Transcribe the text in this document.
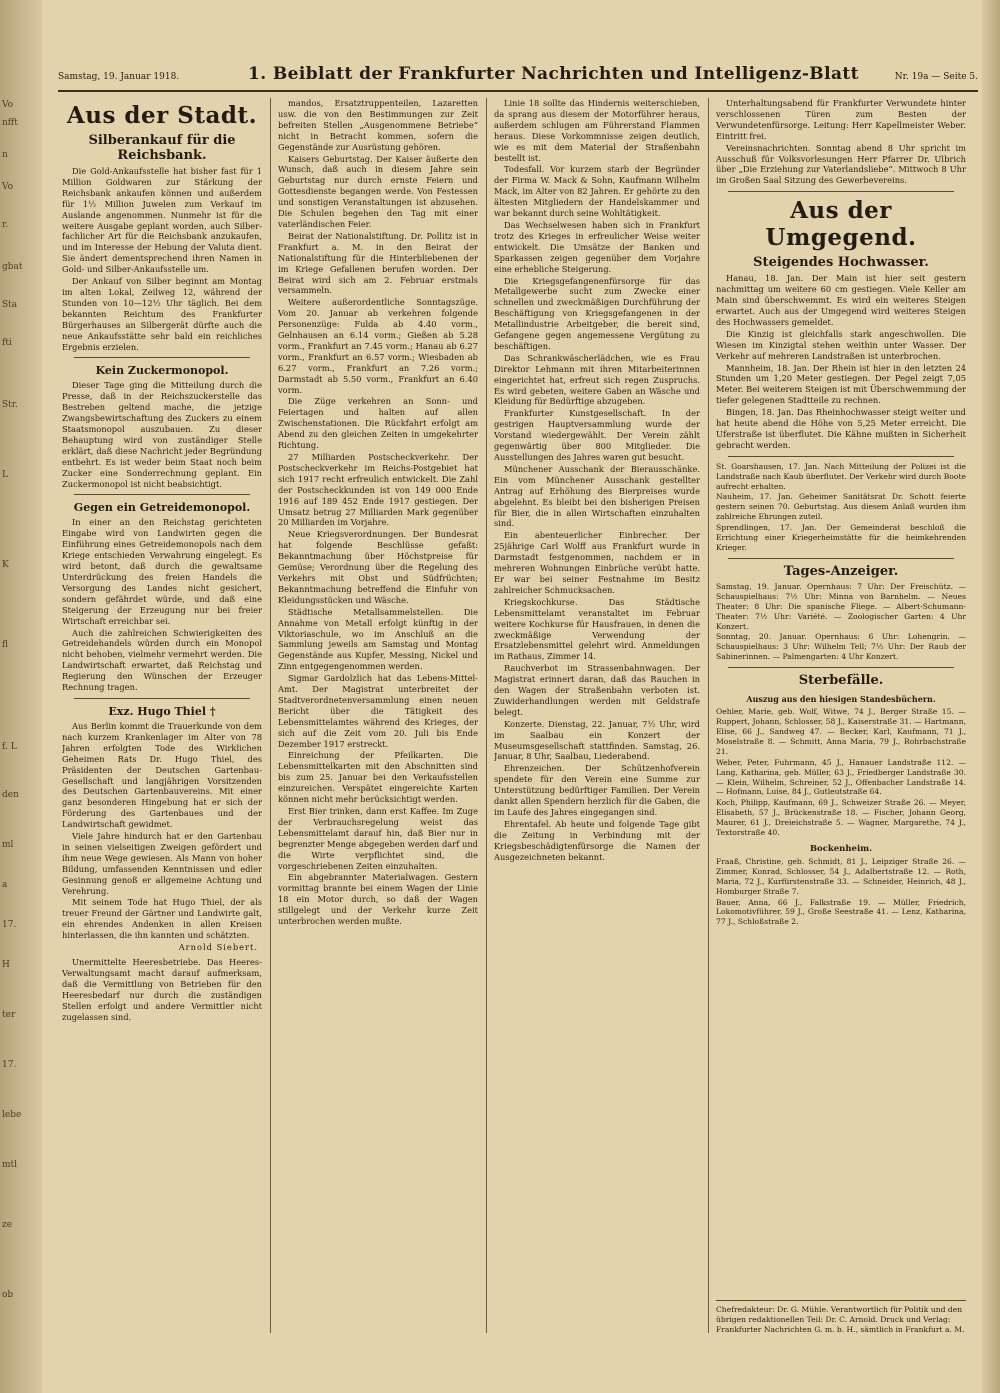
Vo
nfft
n
Vo
r.
gbat
Sta
fti
Str.
L
K
fl
f. L
den
ml
a
17.
H
ter
17.
lebe
mtl
ze
ob
Samstag, 19. Januar 1918.	1. Beiblatt der Frankfurter Nachrichten und Intelligenz-Blatt	Nr. 19a — Seite 5.
Aus der Stadt.
Silberankauf für die Reichsbank.

Die Gold-Ankaufsstelle hat bisher fast für 1 Million Goldwaren zur Stärkung der Reichsbank ankaufen können und außerdem für 1½ Million Juwelen zum Verkauf im Auslande angenommen. Nunmehr ist für die weitere Ausgabe geplant worden, auch Silber- fachlicher Art für die Reichsbank anzukaufen, und im Interesse der Hebung der Valuta dient. Sie ändert dementsprechend ihren Namen in Gold- und Silber-Ankaufsstelle um.

Der Ankauf von Silber beginnt am Montag im alten Lokal, Zeilweg 12, während der Stunden von 10—12½ Uhr täglich. Bei dem bekannten Reichtum des Frankfurter Bürgerhauses an Silbergerät dürfte auch die neue Ankaufsstätte sehr bald ein reichliches Ergebnis erzielen.

Kein Zuckermonopol.

Dieser Tage ging die Mitteilung durch die Presse, daß in der Reichszuckerstelle das Bestreben geltend mache, die jetzige Zwangsbewirtschaftung des Zuckers zu einem Staatsmonopol auszubauen. Zu dieser Behauptung wird von zuständiger Stelle erklärt, daß diese Nachricht jeder Begründung entbehrt. Es ist weder beim Staat noch beim Zucker eine Sonderrechnung geplant. Ein Zuckermonopol ist nicht beabsichtigt.

Gegen ein Getreidemonopol.

In einer an den Reichstag gerichteten Eingabe wird von Landwirten gegen die Einführung eines Getreidemonopols nach dem Kriege entschieden Verwahrung eingelegt. Es wird betont, daß durch die gewaltsame Unterdrückung des freien Handels die Versorgung des Landes nicht gesichert, sondern gefährdet würde, und daß eine Steigerung der Erzeugung nur bei freier Wirtschaft erreichbar sei.

Auch die zahlreichen Schwierigkeiten des Getreidehandels würden durch ein Monopol nicht behoben, vielmehr vermehrt werden. Die Landwirtschaft erwartet, daß Reichstag und Regierung den Wünschen der Erzeuger Rechnung tragen.

Exz. Hugo Thiel †

Aus Berlin kommt die Trauerkunde von dem nach kurzem Krankenlager im Alter von 78 Jahren erfolgten Tode des Wirklichen Geheimen Rats Dr. Hugo Thiel, des Präsidenten der Deutschen Gartenbau-Gesellschaft und langjährigen Vorsitzenden des Deutschen Gartenbauvereins. Mit einer ganz besonderen Hingebung hat er sich der Förderung des Gartenbaues und der Landwirtschaft gewidmet.

Viele Jahre hindurch hat er den Gartenbau in seinen vielseitigen Zweigen gefördert und ihm neue Wege gewiesen. Als Mann von hoher Bildung, umfassenden Kenntnissen und edler Gesinnung genoß er allgemeine Achtung und Verehrung.

Mit seinem Tode hat Hugo Thiel, der als treuer Freund der Gärtner und Landwirte galt, ein ehrendes Andenken in allen Kreisen hinterlassen, die ihn kannten und schätzten.

Arnold Siebert.

Unermittelte Heeresbetriebe. Das Heeres-Verwaltungsamt macht darauf aufmerksam, daß die Vermittlung von Betrieben für den Heeresbedarf nur durch die zuständigen Stellen erfolgt und andere Vermittler nicht zugelassen sind.

mandos, Ersatztruppenteilen, Lazaretten usw. die von den Bestimmungen zur Zeit befreiten Stellen „Ausgenommene Betriebe“ nicht in Betracht kommen, sofern die Gegenstände zur Ausrüstung gehören.

Kaisers Geburtstag. Der Kaiser äußerte den Wunsch, daß auch in diesem Jahre sein Geburtstag nur durch ernste Feiern und Gottesdienste begangen werde. Von Festessen und sonstigen Veranstaltungen ist abzusehen. Die Schulen begehen den Tag mit einer vaterländischen Feier.

Beirat der Nationalstiftung. Dr. Pollitz ist in Frankfurt a. M. in den Beirat der Nationalstiftung für die Hinterbliebenen der im Kriege Gefallenen berufen worden. Der Beirat wird sich am 2. Februar erstmals versammeln.

Weitere außerordentliche Sonntagszüge. Vom 20. Januar ab verkehren folgende Personenzüge: Fulda ab 4.40 vorm., Gelnhausen an 6.14 vorm.; Gießen ab 5.28 vorm., Frankfurt an 7.45 vorm.; Hanau ab 6.27 vorm., Frankfurt an 6.57 vorm.; Wiesbaden ab 6.27 vorm., Frankfurt an 7.26 vorm.; Darmstadt ab 5.50 vorm., Frankfurt an 6.40 vorm.

Die Züge verkehren an Sonn- und Feiertagen und halten auf allen Zwischenstationen. Die Rückfahrt erfolgt am Abend zu den gleichen Zeiten in umgekehrter Richtung.

27 Milliarden Postscheckverkehr. Der Postscheckverkehr im Reichs-Postgebiet hat sich 1917 recht erfreulich entwickelt. Die Zahl der Postscheckkunden ist von 149 000 Ende 1916 auf 189 452 Ende 1917 gestiegen. Der Umsatz betrug 27 Milliarden Mark gegenüber 20 Milliarden im Vorjahre.

Neue Kriegsverordnungen. Der Bundesrat hat folgende Beschlüsse gefaßt: Bekanntmachung über Höchstpreise für Gemüse; Verordnung über die Regelung des Verkehrs mit Obst und Südfrüchten; Bekanntmachung betreffend die Einfuhr von Kleidungsstücken und Wäsche.

Städtische Metallsammelstellen. Die Annahme von Metall erfolgt künftig in der Viktoriaschule, wo im Anschluß an die Sammlung jeweils am Samstag und Montag Gegenstände aus Kupfer, Messing, Nickel und Zinn entgegengenommen werden.

Sigmar Gardolzlich hat das Lebens-Mittel-Amt. Der Magistrat unterbreitet der Stadtverordnetenversammlung einen neuen Bericht über die Tätigkeit des Lebensmittelamtes während des Krieges, der sich auf die Zeit vom 20. Juli bis Ende Dezember 1917 erstreckt.

Einreichung der Pfeilkarten. Die Lebensmittelkarten mit den Abschnitten sind bis zum 25. Januar bei den Verkaufsstellen einzureichen. Verspätet eingereichte Karten können nicht mehr berücksichtigt werden.

Erst Bier trinken, dann erst Kaffee. Im Zuge der Verbrauchsregelung weist das Lebensmittelamt darauf hin, daß Bier nur in begrenzter Menge abgegeben werden darf und die Wirte verpflichtet sind, die vorgeschriebenen Zeiten einzuhalten.

Ein abgebrannter Materialwagen. Gestern vormittag brannte bei einem Wagen der Linie 18 ein Motor durch, so daß der Wagen stillgelegt und der Verkehr kurze Zeit unterbrochen werden mußte.

Linie 18 sollte das Hindernis weiterschieben, da sprang aus diesem der Motorführer heraus, außerdem schlugen am Führerstand Flammen heraus. Diese Vorkommnisse zeigen deutlich, wie es mit dem Material der Straßenbahn bestellt ist.

Todesfall. Vor kurzem starb der Begründer der Firma W. Mack & Sohn, Kaufmann Wilhelm Mack, im Alter von 82 Jahren. Er gehörte zu den ältesten Mitgliedern der Handelskammer und war bekannt durch seine Wohltätigkeit.

Das Wechselwesen haben sich in Frankfurt trotz des Krieges in erfreulicher Weise weiter entwickelt. Die Umsätze der Banken und Sparkassen zeigen gegenüber dem Vorjahre eine erhebliche Steigerung.

Die Kriegsgefangenenfürsorge für das Metallgewerbe sucht zum Zwecke einer schnellen und zweckmäßigen Durchführung der Beschäftigung von Kriegsgefangenen in der Metallindustrie Arbeitgeber, die bereit sind, Gefangene gegen angemessene Vergütung zu beschäftigen.

Das Schrankwäscherlädchen, wie es Frau Direktor Lehmann mit ihren Mitarbeiterinnen eingerichtet hat, erfreut sich regen Zuspruchs. Es wird gebeten, weitere Gaben an Wäsche und Kleidung für Bedürftige abzugeben.

Frankfurter Kunstgesellschaft. In der gestrigen Hauptversammlung wurde der Vorstand wiedergewählt. Der Verein zählt gegenwärtig über 800 Mitglieder. Die Ausstellungen des Jahres waren gut besucht.

Münchener Ausschank der Bierausschänke. Ein vom Münchener Ausschank gestellter Antrag auf Erhöhung des Bierpreises wurde abgelehnt. Es bleibt bei den bisherigen Preisen für Bier, die in allen Wirtschaften einzuhalten sind.

Ein abenteuerlicher Einbrecher. Der 25jährige Carl Wolff aus Frankfurt wurde in Darmstadt festgenommen, nachdem er in mehreren Wohnungen Einbrüche verübt hatte. Er war bei seiner Festnahme im Besitz zahlreicher Schmucksachen.

Kriegskochkurse. Das Städtische Lebensmittelamt veranstaltet im Februar weitere Kochkurse für Hausfrauen, in denen die zweckmäßige Verwendung der Ersatzlebensmittel gelehrt wird. Anmeldungen im Rathaus, Zimmer 14.

Rauchverbot im Strassenbahnwagen. Der Magistrat erinnert daran, daß das Rauchen in den Wagen der Straßenbahn verboten ist. Zuwiderhandlungen werden mit Geldstrafe belegt.

Konzerte. Dienstag, 22. Januar, 7½ Uhr, wird im Saalbau ein Konzert der Museumsgesellschaft stattfinden. Samstag, 26. Januar, 8 Uhr, Saalbau, Liederabend.

Ehrenzeichen. Der Schützenhofverein spendete für den Verein eine Summe zur Unterstützung bedürftiger Familien. Der Verein dankt allen Spendern herzlich für die Gaben, die im Laufe des Jahres eingegangen sind.

Ehrentafel. Ab heute und folgende Tage gibt die Zeitung in Verbindung mit der Kriegsbeschädigtenfürsorge die Namen der Ausgezeichneten bekannt.

Unterhaltungsabend für Frankfurter Verwundete hinter verschlossenen Türen zum Besten der Verwundetenfürsorge. Leitung: Herr Kapellmeister Weber. Eintritt frei.

Vereinsnachrichten. Sonntag abend 8 Uhr spricht im Ausschuß für Volksvorlesungen Herr Pfarrer Dr. Ulbrich über „Die Erziehung zur Vaterlandsliebe“. Mittwoch 8 Uhr im Großen Saal Sitzung des Gewerbevereins.

Aus der Umgegend.
Steigendes Hochwasser.

Hanau, 18. Jan. Der Main ist hier seit gestern nachmittag um weitere 60 cm gestiegen. Viele Keller am Main sind überschwemmt. Es wird ein weiteres Steigen erwartet. Auch aus der Umgegend wird weiteres Steigen des Hochwassers gemeldet.

Die Kinzig ist gleichfalls stark angeschwollen. Die Wiesen im Kinzigtal stehen weithin unter Wasser. Der Verkehr auf mehreren Landstraßen ist unterbrochen.

Mannheim, 18. Jan. Der Rhein ist hier in den letzten 24 Stunden um 1,20 Meter gestiegen. Der Pegel zeigt 7,05 Meter. Bei weiterem Steigen ist mit Überschwemmung der tiefer gelegenen Stadtteile zu rechnen.

Bingen, 18. Jan. Das Rheinhochwasser steigt weiter und hat heute abend die Höhe von 5,25 Meter erreicht. Die Uferstraße ist überflutet. Die Kähne mußten in Sicherheit gebracht werden.

St. Goarshausen, 17. Jan. Nach Mitteilung der Polizei ist die Landstraße nach Kaub überflutet. Der Verkehr wird durch Boote aufrecht erhalten.

Nauheim, 17. Jan. Geheimer Sanitätsrat Dr. Schott feierte gestern seinen 70. Geburtstag. Aus diesem Anlaß wurden ihm zahlreiche Ehrungen zuteil.

Sprendlingen, 17. Jan. Der Gemeinderat beschloß die Errichtung einer Kriegerheimstätte für die heimkehrenden Krieger.

Tages-Anzeiger.

Samstag, 19. Januar. Opernhaus: 7 Uhr: Der Freischütz. — Schauspielhaus: 7½ Uhr: Minna von Barnhelm. — Neues Theater: 8 Uhr: Die spanische Fliege. — Albert-Schumann-Theater: 7½ Uhr: Variété. — Zoologischer Garten: 4 Uhr Konzert.

Sonntag, 20. Januar. Opernhaus: 6 Uhr: Lohengrin. — Schauspielhaus: 3 Uhr: Wilhelm Tell; 7½ Uhr: Der Raub der Sabinerinnen. — Palmengarten: 4 Uhr Konzert.

Sterbefälle.
Auszug aus den hiesigen Standesbüchern.

Oehler, Marie, geb. Wolf, Witwe, 74 J., Berger Straße 15. — Ruppert, Johann, Schlosser, 58 J., Kaiserstraße 31. — Hartmann, Elise, 66 J., Sandweg 47. — Becker, Karl, Kaufmann, 71 J., Moselstraße 8. — Schmitt, Anna Maria, 79 J., Rohrbachstraße 21.

Weber, Peter, Fuhrmann, 45 J., Hanauer Landstraße 112. — Lang, Katharina, geb. Müller, 63 J., Friedberger Landstraße 30. — Klein, Wilhelm, Schreiner, 52 J., Offenbacher Landstraße 14. — Hofmann, Luise, 84 J., Gutleutstraße 64.

Koch, Philipp, Kaufmann, 69 J., Schweizer Straße 26. — Meyer, Elisabeth, 57 J., Brückenstraße 18. — Fischer, Johann Georg, Maurer, 61 J., Dreieichstraße 5. — Wagner, Margarethe, 74 J., Textorstraße 40.

Bockenheim.

Fraaß, Christine, geb. Schmidt, 81 J., Leipziger Straße 26. — Zimmer, Konrad, Schlosser, 54 J., Adalbertstraße 12. — Roth, Maria, 72 J., Kurfürstenstraße 33. — Schneider, Heinrich, 48 J., Homburger Straße 7.

Bauer, Anna, 66 J., Falkstraße 19. — Müller, Friedrich, Lokomotivführer, 59 J., Große Seestraße 41. — Lenz, Katharina, 77 J., Schloßstraße 2.

Chefredakteur: Dr. G. Mühle. Verantwortlich für Politik und den übrigen redaktionellen Teil: Dr. C. Arnold. Druck und Verlag: Frankfurter Nachrichten G. m. b. H., sämtlich in Frankfurt a. M.
